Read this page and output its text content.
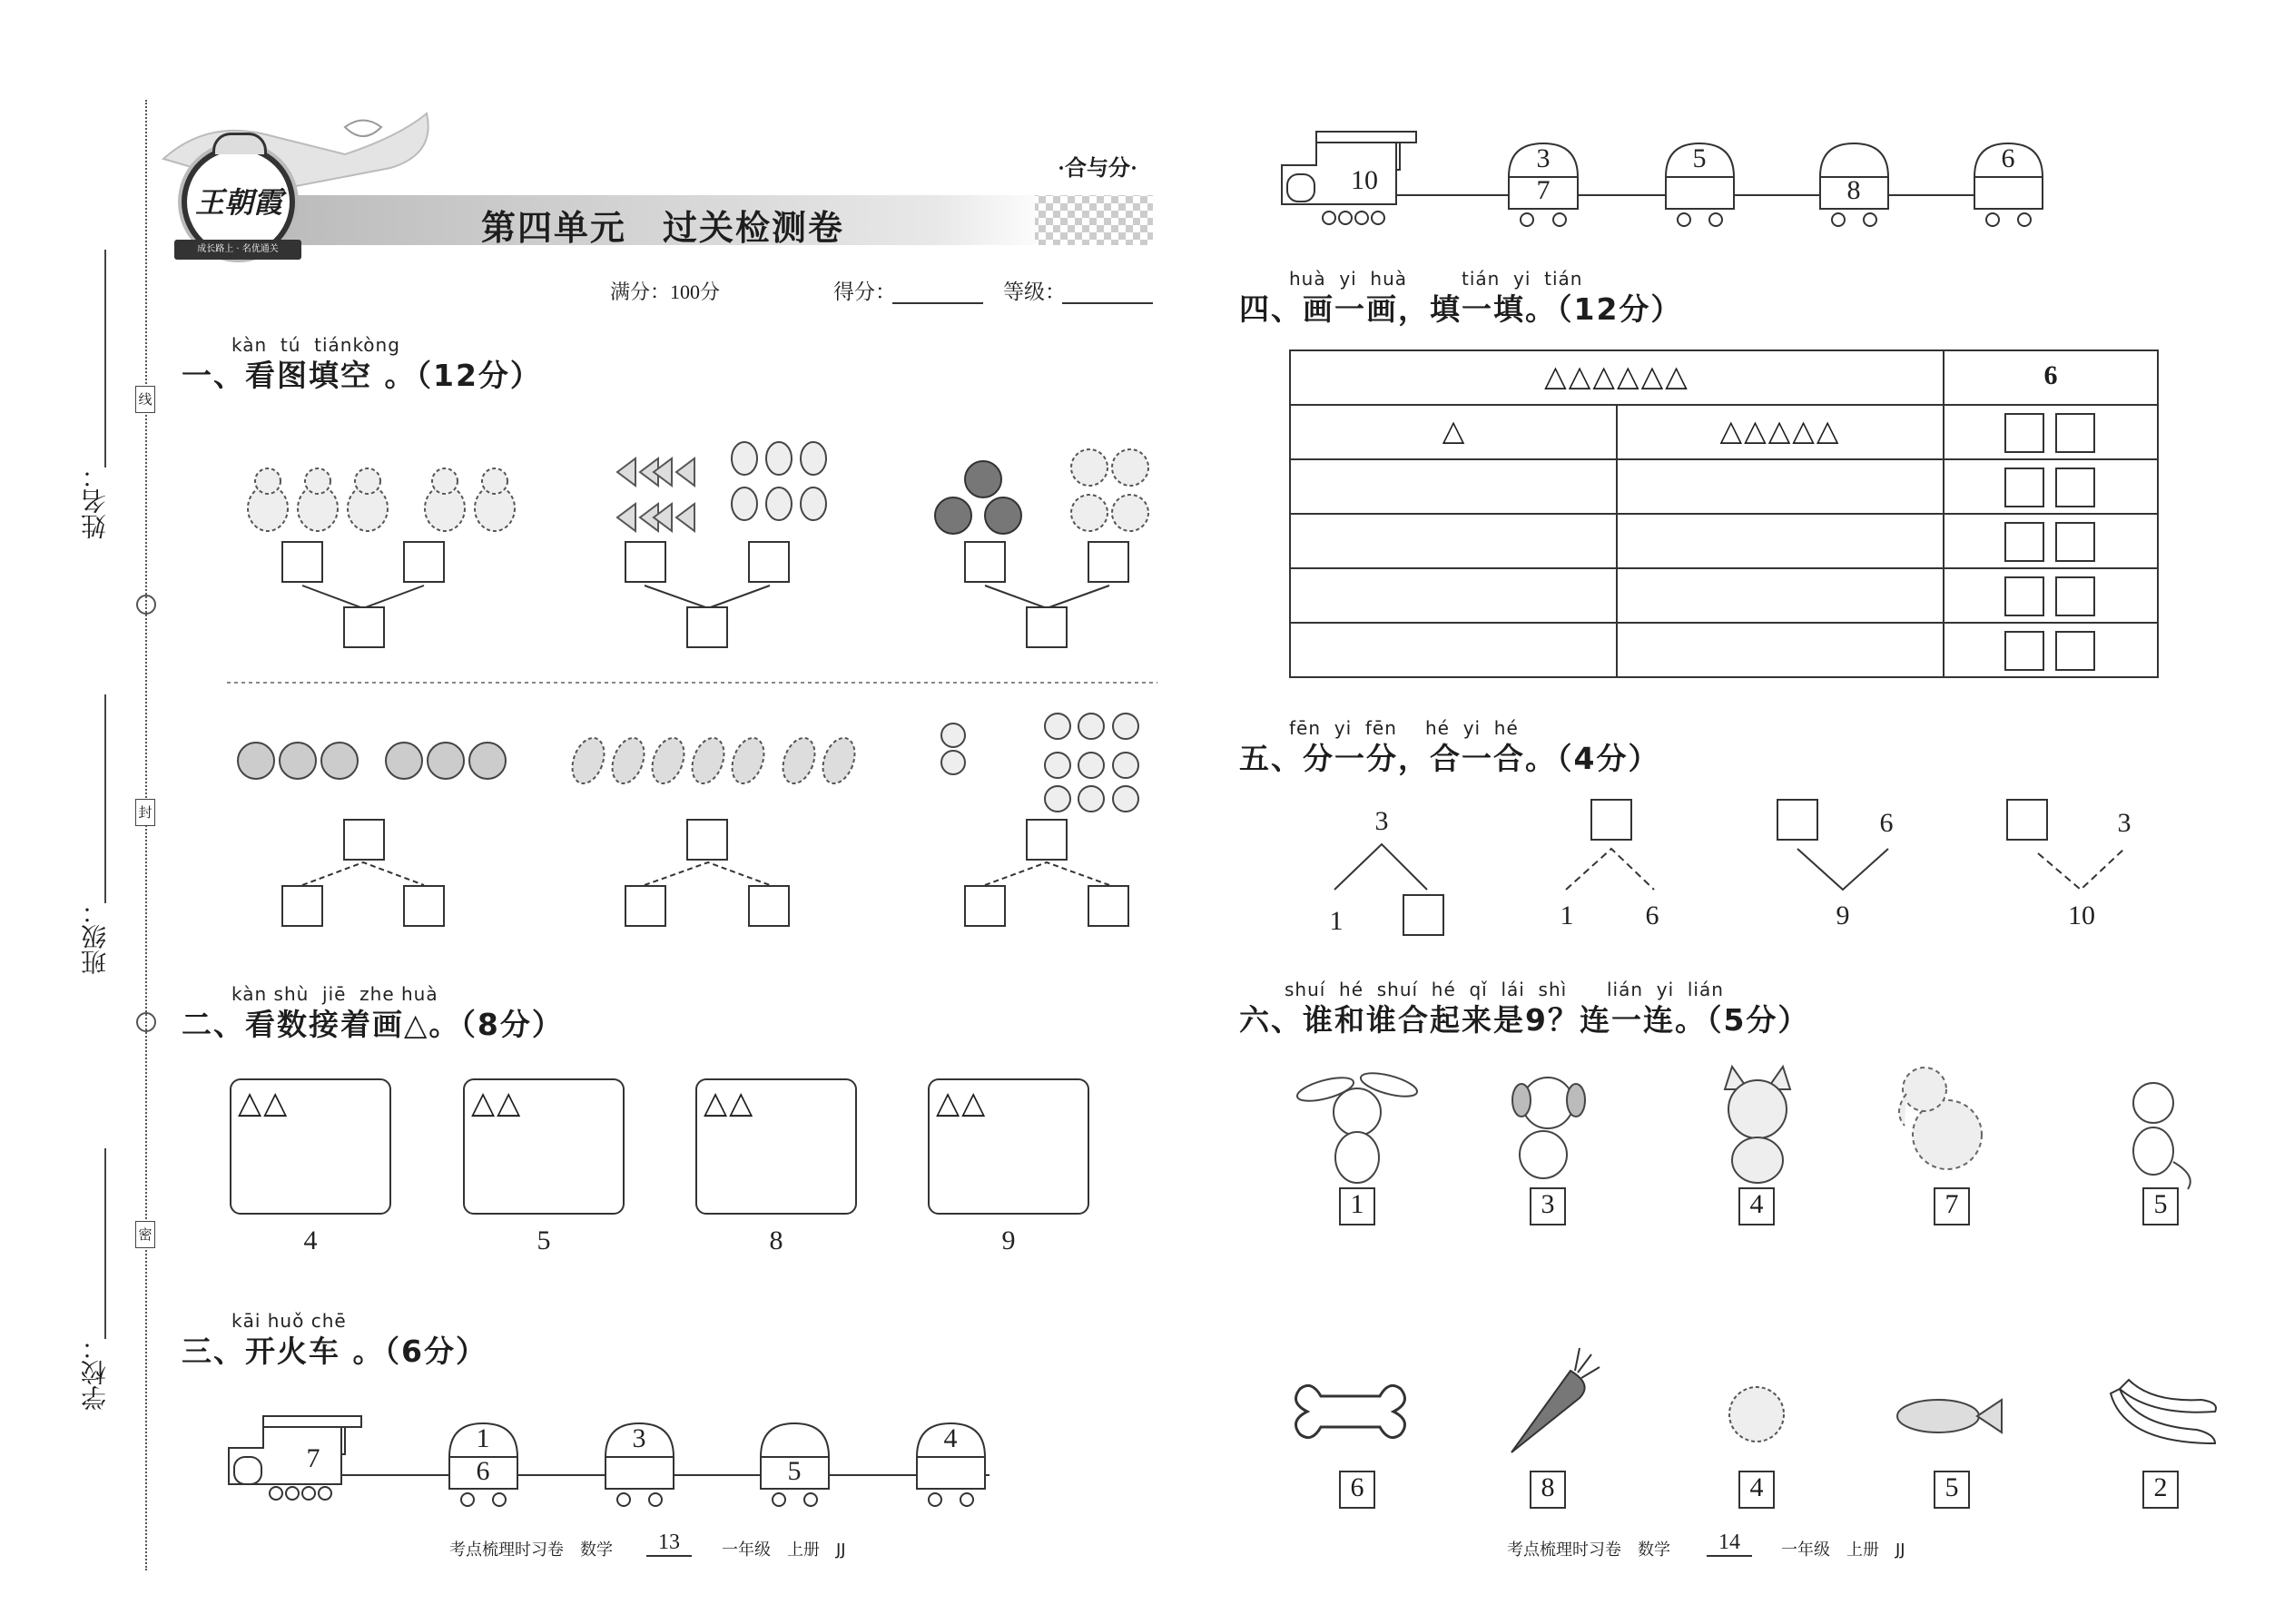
姓名：
班级：
学校：
线
封
密
王朝霞
成长路上 · 名优通关
·合与分·
第四单元　过关检测卷
满分：100分	得分：	等级：
kàn  tú  tiánkòng
一、看图填空 。（12分）
kàn shù  jiē  zhe huà
二、看数接着画△。（8分）
△△
4
△△
5
△△
8
△△
9
kāi huǒ chē
三、开火车 。（6分）
7
1
6
3
5
4
10
3
7
5
8
6
huà  yi  huà	tián  yi  tián
四、画一画，填一填。（12分）
△△△△△△	6
△	△△△△△
fēn  yi  fēn hé  yi  hé
五、分一分，合一合。（4分）
3
1	1	6
6
9
3
10
shuí  hé  shuí  hé  qǐ  lái  shì lián  yi  lián
六、谁和谁合起来是9？连一连。（5分）
1	3	4	7	5
6	8	4	5	2
考点梳理时习卷　数学	13	一年级　上册　JJ	考点梳理时习卷　数学	14	一年级　上册　JJ
